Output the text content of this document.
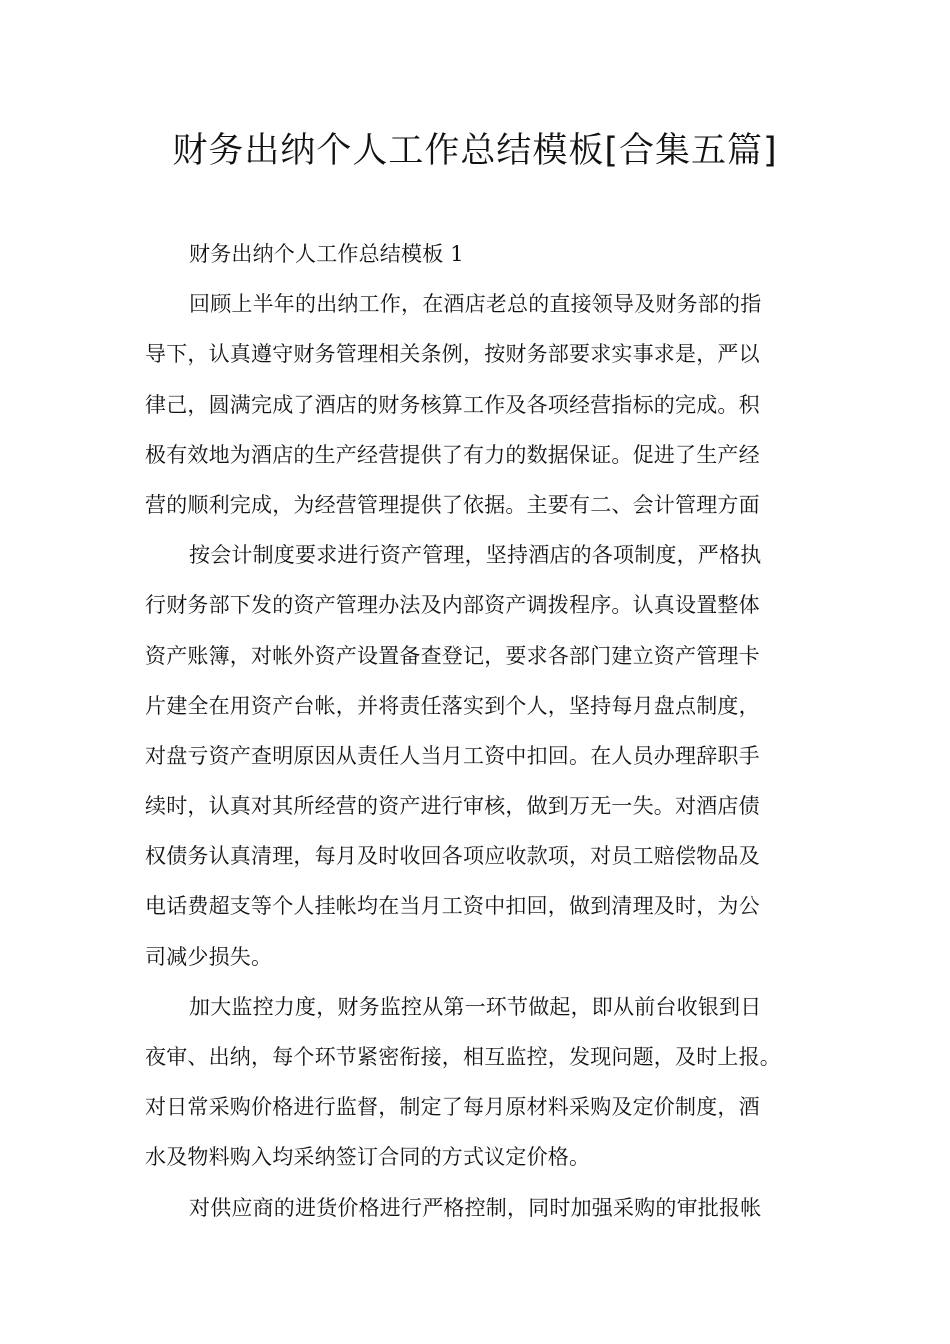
财务出纳个人工作总结模板[合集五篇]
财务出纳个人工作总结模板 1
回顾上半年的出纳工作，在酒店老总的直接领导及财务部的指
导下，认真遵守财务管理相关条例，按财务部要求实事求是，严以
律己，圆满完成了酒店的财务核算工作及各项经营指标的完成。积
极有效地为酒店的生产经营提供了有力的数据保证。促进了生产经
营的顺利完成，为经营管理提供了依据。主要有二、会计管理方面
按会计制度要求进行资产管理，坚持酒店的各项制度，严格执
行财务部下发的资产管理办法及内部资产调拨程序。认真设置整体
资产账簿，对帐外资产设置备查登记，要求各部门建立资产管理卡
片建全在用资产台帐，并将责任落实到个人，坚持每月盘点制度，
对盘亏资产查明原因从责任人当月工资中扣回。在人员办理辞职手
续时，认真对其所经营的资产进行审核，做到万无一失。对酒店债
权债务认真清理，每月及时收回各项应收款项，对员工赔偿物品及
电话费超支等个人挂帐均在当月工资中扣回，做到清理及时，为公
司减少损失。
加大监控力度，财务监控从第一环节做起，即从前台收银到日
夜审、出纳，每个环节紧密衔接，相互监控，发现问题，及时上报。
对日常采购价格进行监督，制定了每月原材料采购及定价制度，酒
水及物料购入均采纳签订合同的方式议定价格。
对供应商的进货价格进行严格控制，同时加强采购的审批报帐
